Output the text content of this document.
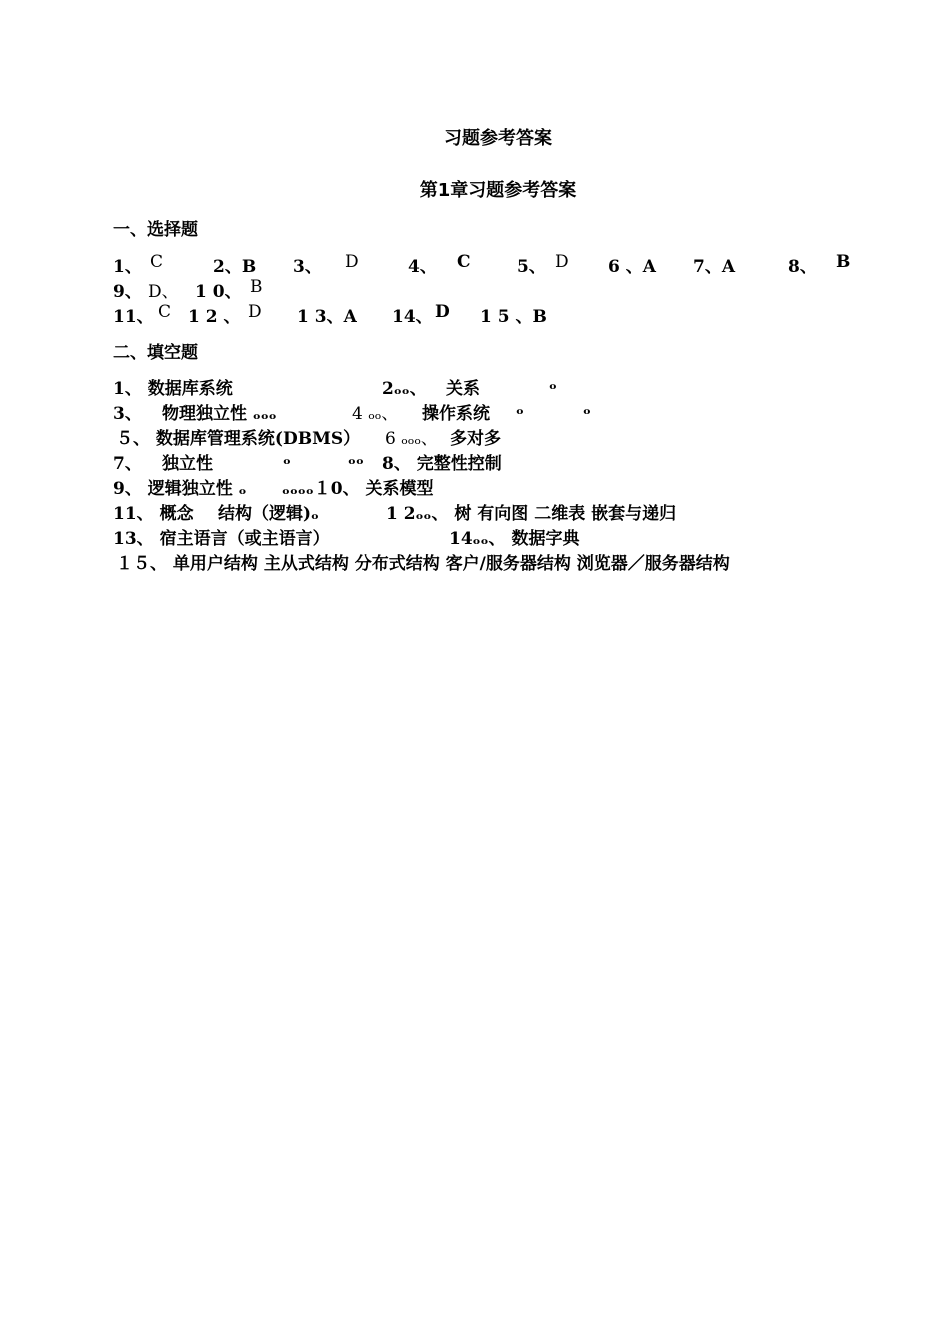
习题参考答案
第1章习题参考答案
一、选择题
1、 C	2、B 3、 D	4、 C	5、 D 6 、A 7、A	8、 B
9、 D、 1 0、 B
11、 C 1 2 、 D 1 3、A 14、 D 1 5 、B
二、填空题
1、 数据库系统	2ₒₒ、 关系	ₒ
3、 物理独立性 ₒₒₒ	4 ₒₒ、 操作系统 ₒ	ₒ
５、 数据库管理系统(DBMS） 6 ₒₒₒ、 多对多
7、 独立性	ₒ	ₒₒ 8、 完整性控制
9、 逻辑独立性 ₒ ₒₒₒₒ１0、 关系模型
11、 概念 结构（逻辑)ₒ	1 2ₒₒ、 树 有向图 二维表 嵌套与递归
13、 宿主语言（或主语言）	14ₒₒ、 数据字典
１５、 单用户结构 主从式结构 分布式结构 客户/服务器结构 浏览器／服务器结构
